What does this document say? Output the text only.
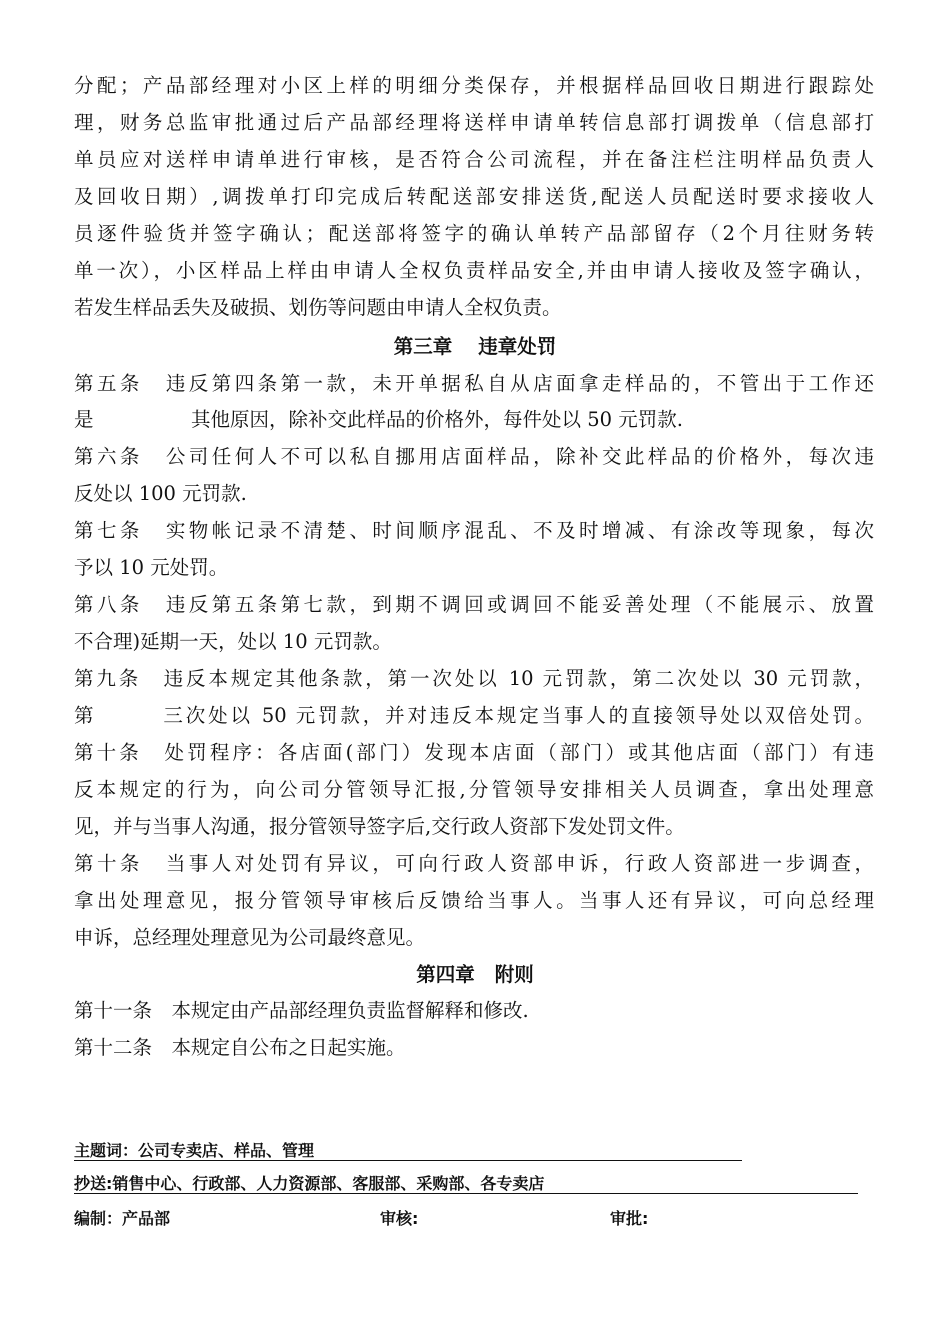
分配；产品部经理对小区上样的明细分类保存，并根据样品回收日期进行跟踪处
理，财务总监审批通过后产品部经理将送样申请单转信息部打调拨单（信息部打
单员应对送样申请单进行审核，是否符合公司流程，并在备注栏注明样品负责人
及回收日期）,调拨单打印完成后转配送部安排送货,配送人员配送时要求接收人
员逐件验货并签字确认；配送部将签字的确认单转产品部留存（2个月往财务转
单一次），小区样品上样由申请人全权负责样品安全,并由申请人接收及签字确认，
若发生样品丢失及破损、划伤等问题由申请人全权负责。
第三章 违章处罚
第五条　违反第四条第一款，未开单据私自从店面拿走样品的，不管出于工作还
是　　　　　其他原因，除补交此样品的价格外，每件处以 50 元罚款.
第六条　公司任何人不可以私自挪用店面样品，除补交此样品的价格外，每次违
反处以 100 元罚款.
第七条　实物帐记录不清楚、时间顺序混乱、不及时增减、有涂改等现象，每次
予以 10 元处罚。
第八条　违反第五条第七款，到期不调回或调回不能妥善处理（不能展示、放置
不合理)延期一天，处以 10 元罚款。
第九条　违反本规定其他条款，第一次处以 10 元罚款，第二次处以 30 元罚款，
第　　　三次处以 50 元罚款，并对违反本规定当事人的直接领导处以双倍处罚。
第十条　处罚程序：各店面(部门）发现本店面（部门）或其他店面（部门）有违
反本规定的行为，向公司分管领导汇报,分管领导安排相关人员调查，拿出处理意
见，并与当事人沟通，报分管领导签字后,交行政人资部下发处罚文件。
第十条　当事人对处罚有异议，可向行政人资部申诉，行政人资部进一步调查，
拿出处理意见，报分管领导审核后反馈给当事人。当事人还有异议，可向总经理
申诉，总经理处理意见为公司最终意见。
第四章 附则
第十一条　本规定由产品部经理负责监督解释和修改.
第十二条　本规定自公布之日起实施。
主题词：公司专卖店、样品、管理
抄送:销售中心、行政部、人力资源部、客服部、采购部、各专卖店
编制：产品部	审核:	审批:
